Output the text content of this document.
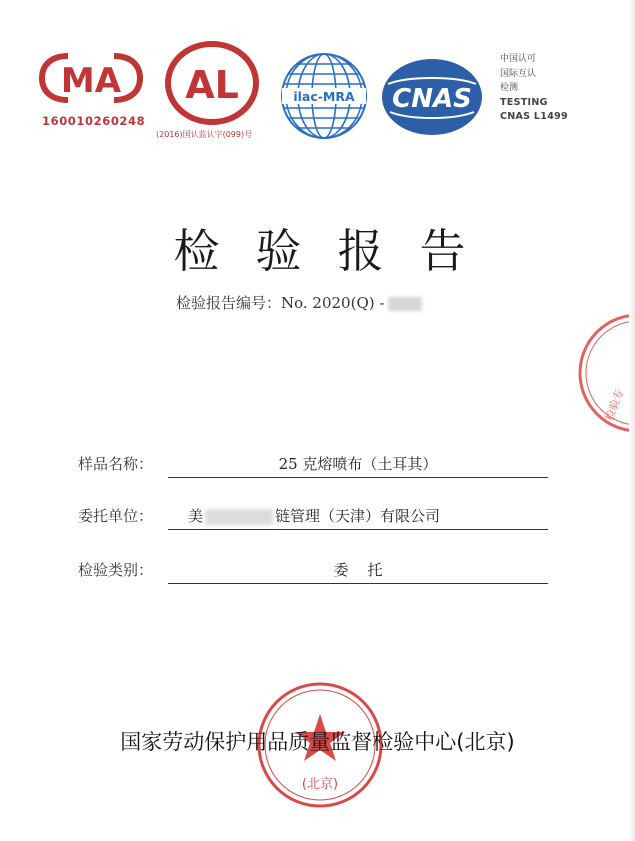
MA
160010260248
AL
(2016)国认监认字(099)号
ilac-MRA CNAS
中国认可
国际互认
检测
TESTING
CNAS L1499
检验报告
检验报告编号：No. 2020(Q) -
样品名称：	25 克熔喷布（土耳其）
委托单位： 美	链管理（天津）有限公司
检验类别：	委    托
(北京)
检验专
国家劳动保护用品质量监督检验中心(北京)
